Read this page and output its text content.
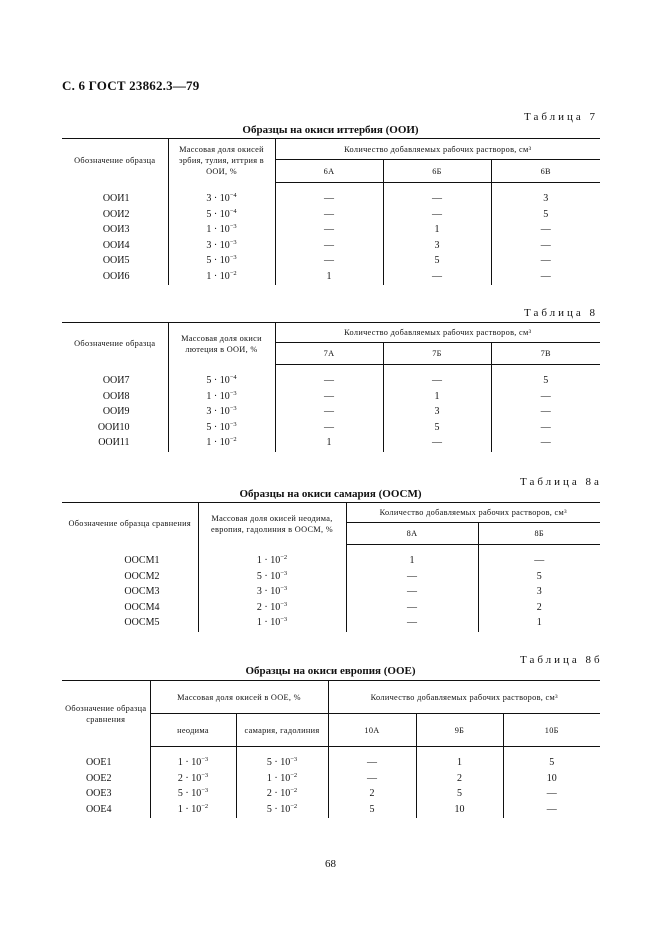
С. 6 ГОСТ 23862.3—79
Таблица 7
Образцы на окиси иттербия (ООИ)
Обозначение образца	Массовая доля окисей эрбия, тулия, иттрия в ООИ, %	Количество добавляемых рабочих растворов, см³		
		6А	6Б	6В
ООИ1	$3 \cdot 10^{-4}$	—	—	3
ООИ2	$5 \cdot 10^{-4}$	—	—	5
ООИ3	$1 \cdot 10^{-3}$	—	1	—
ООИ4	$3 \cdot 10^{-3}$	—	3	—
ООИ5	$5 \cdot 10^{-3}$	—	5	—
ООИ6	$1 \cdot 10^{-2}$	1	—	—
Таблица 8
Обозначение образца	Массовая доля окиси лютеция в ООИ, %	Количество добавляемых рабочих растворов, см³		
		7А	7Б	7В
ООИ7	$5 \cdot 10^{-4}$	—	—	5
ООИ8	$1 \cdot 10^{-3}$	—	1	—
ООИ9	$3 \cdot 10^{-3}$	—	3	—
ООИ10	$5 \cdot 10^{-3}$	—	5	—
ООИ11	$1 \cdot 10^{-2}$	1	—	—
Таблица 8а
Образцы на окиси самария (ООСМ)
Обозначение образца сравнения	Массовая доля окисей неодима, европия, гадолиния в ООСМ, %	Количество добавляемых рабочих растворов, см³	
		8А	8Б
ООСМ1	$1 \cdot 10^{-2}$	1	—
ООСМ2	$5 \cdot 10^{-3}$	—	5
ООСМ3	$3 \cdot 10^{-3}$	—	3
ООСМ4	$2 \cdot 10^{-3}$	—	2
ООСМ5	$1 \cdot 10^{-3}$	—	1
Таблица 8б
Образцы на окиси европия (ООЕ)
Обозначение образца сравнения	Массовая доля окисей в ООЕ, %		Количество добавляемых рабочих растворов, см³		
	неодима	самария, гадолиния	10А	9Б	10Б
ООЕ1	$1 \cdot 10^{-3}$	$5 \cdot 10^{-3}$	—	1	5
ООЕ2	$2 \cdot 10^{-3}$	$1 \cdot 10^{-2}$	—	2	10
ООЕ3	$5 \cdot 10^{-3}$	$2 \cdot 10^{-2}$	2	5	—
ООЕ4	$1 \cdot 10^{-2}$	$5 \cdot 10^{-2}$	5	10	—
68
